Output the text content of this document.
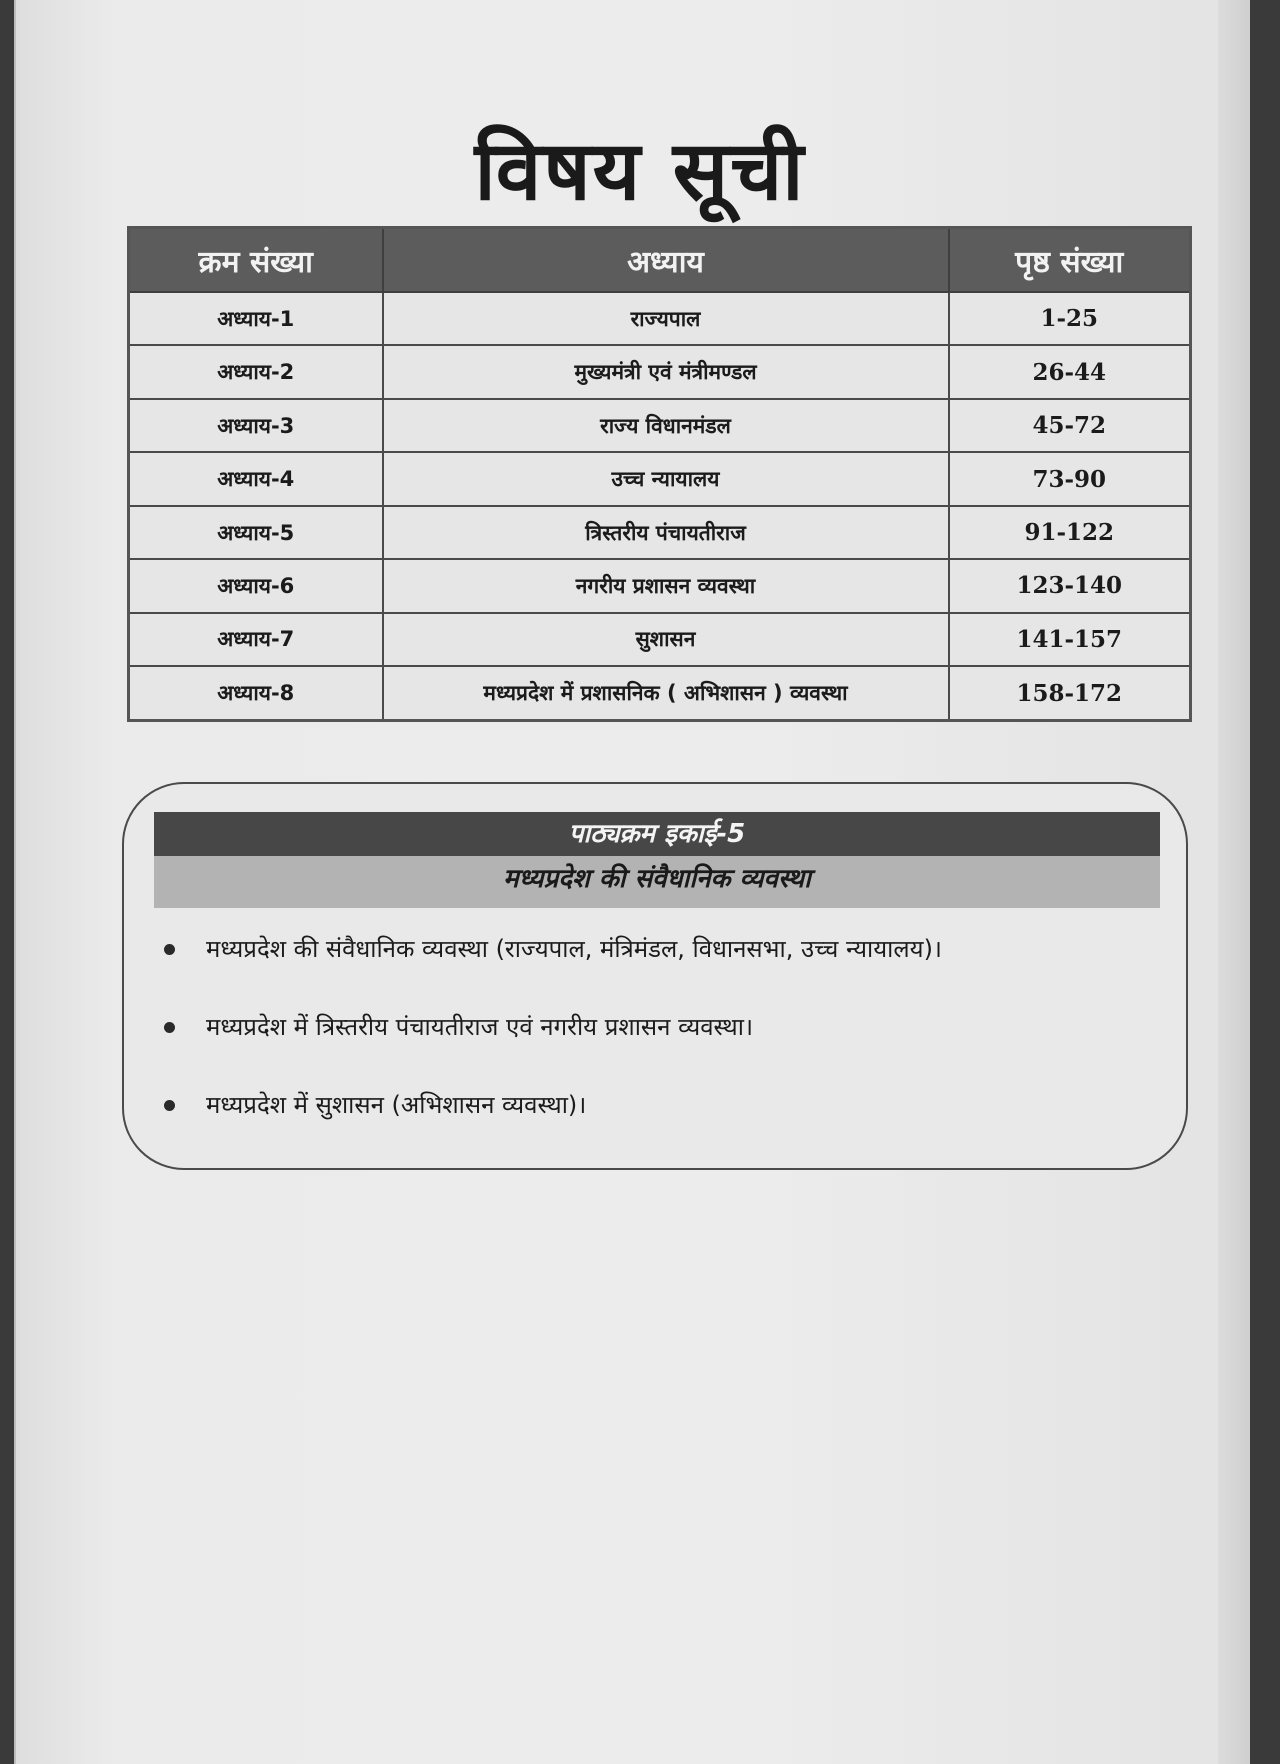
विषय सूची
क्रम संख्या	अध्याय	पृष्ठ संख्या
अध्याय-1	राज्यपाल	1-25
अध्याय-2	मुख्यमंत्री एवं मंत्रीमण्डल	26-44
अध्याय-3	राज्य विधानमंडल	45-72
अध्याय-4	उच्च न्यायालय	73-90
अध्याय-5	त्रिस्तरीय पंचायतीराज	91-122
अध्याय-6	नगरीय प्रशासन व्यवस्था	123-140
अध्याय-7	सुशासन	141-157
अध्याय-8	मध्यप्रदेश में प्रशासनिक ( अभिशासन ) व्यवस्था	158-172
पाठ्यक्रम इकाई-5
मध्यप्रदेश की संवैधानिक व्यवस्था
मध्यप्रदेश की संवैधानिक व्यवस्था (राज्यपाल, मंत्रिमंडल, विधानसभा, उच्च न्यायालय)।
मध्यप्रदेश में त्रिस्तरीय पंचायतीराज एवं नगरीय प्रशासन व्यवस्था।
मध्यप्रदेश में सुशासन (अभिशासन व्यवस्था)।
